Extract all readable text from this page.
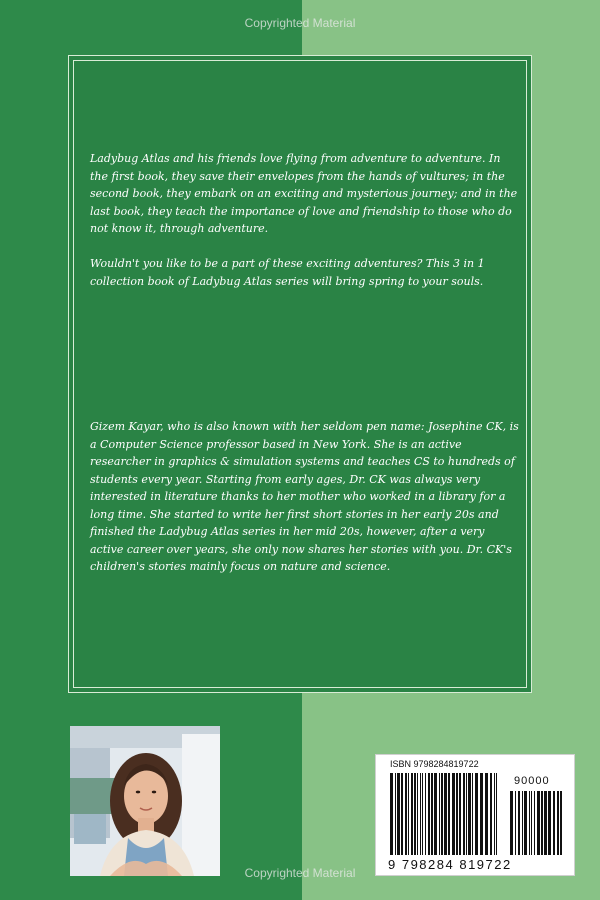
Copyrighted Material

Ladybug Atlas and his friends love flying from adventure to adventure. In the first book, they save their envelopes from the hands of vultures; in the second book, they embark on an exciting and mysterious journey; and in the last book, they teach the importance of love and friendship to those who do not know it, through adventure.

Wouldn't you like to be a part of these exciting adventures? This 3 in 1 collection book of Ladybug Atlas series will bring spring to your souls.

Gizem Kayar, who is also known with her seldom pen name: Josephine CK, is a Computer Science professor based in New York. She is an active researcher in graphics & simulation systems and teaches CS to hundreds of students every year. Starting from early ages, Dr. CK was always very interested in literature thanks to her mother who worked in a library for a long time. She started to write her first short stories in her early 20s and finished the Ladybug Atlas series in her mid 20s, however, after a very active career over years, she only now shares her stories with you. Dr. CK's children's stories mainly focus on nature and science.

ISBN 9798284819722
90000
9 798284 819722
Copyrighted Material
